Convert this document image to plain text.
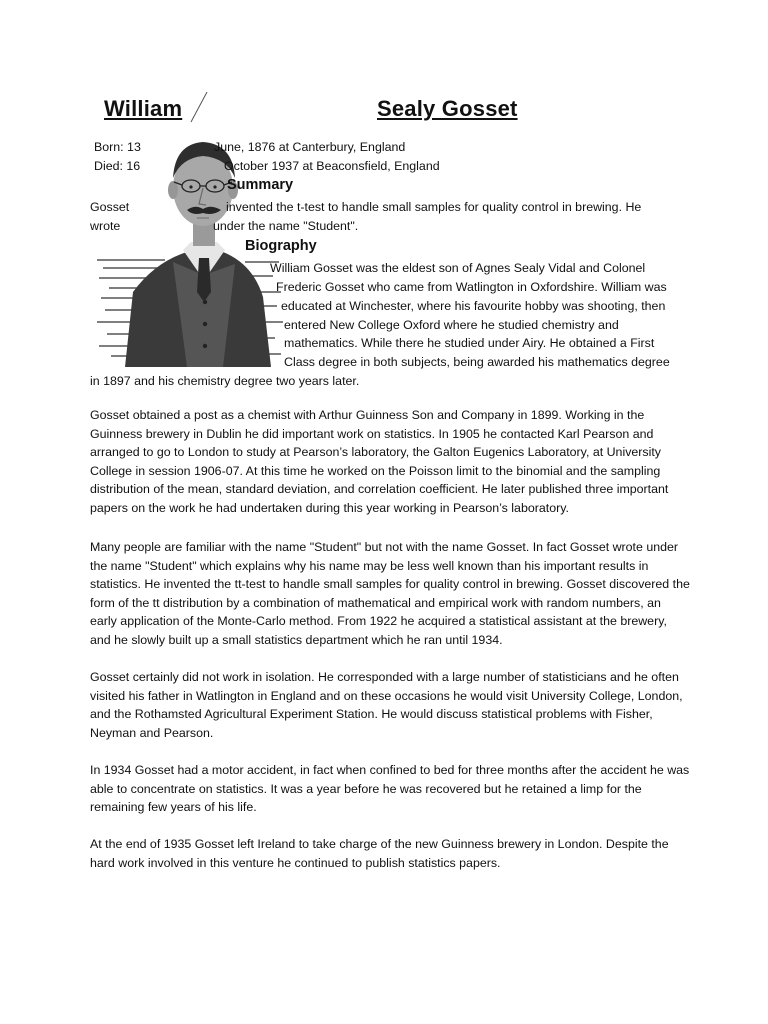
William	Sealy Gosset
Born: 13	June, 1876 at Canterbury, England
Died: 16	October 1937 at Beaconsfield, England
Summary
Gosset	invented the t-test to handle small samples for quality control in brewing. He
wrote	under the name "Student".
Biography
William Gosset was the eldest son of Agnes Sealy Vidal and Colonel
Frederic Gosset who came from Watlington in Oxfordshire. William was
educated at Winchester, where his favourite hobby was shooting, then
entered New College Oxford where he studied chemistry and
mathematics. While there he studied under Airy. He obtained a First
Class degree in both subjects, being awarded his mathematics degree
in 1897 and his chemistry degree two years later.

Gosset obtained a post as a chemist with Arthur Guinness Son and Company in 1899. Working in the Guinness brewery in Dublin he did important work on statistics. In 1905 he contacted Karl Pearson and arranged to go to London to study at Pearson’s laboratory, the Galton Eugenics Laboratory, at University College in session 1906-07. At this time he worked on the Poisson limit to the binomial and the sampling distribution of the mean, standard deviation, and correlation coefficient. He later published three important papers on the work he had undertaken during this year working in Pearson’s laboratory.

Many people are familiar with the name "Student" but not with the name Gosset. In fact Gosset wrote under the name "Student" which explains why his name may be less well known than his important results in statistics. He invented the tt-test to handle small samples for quality control in brewing. Gosset discovered the form of the tt distribution by a combination of mathematical and empirical work with random numbers, an early application of the Monte-Carlo method. From 1922 he acquired a statistical assistant at the brewery, and he slowly built up a small statistics department which he ran until 1934.

Gosset certainly did not work in isolation. He corresponded with a large number of statisticians and he often visited his father in Watlington in England and on these occasions he would visit University College, London, and the Rothamsted Agricultural Experiment Station. He would discuss statistical problems with Fisher, Neyman and Pearson.

In 1934 Gosset had a motor accident, in fact when confined to bed for three months after the accident he was able to concentrate on statistics. It was a year before he was recovered but he retained a limp for the remaining few years of his life.

At the end of 1935 Gosset left Ireland to take charge of the new Guinness brewery in London. Despite the hard work involved in this venture he continued to publish statistics papers.
